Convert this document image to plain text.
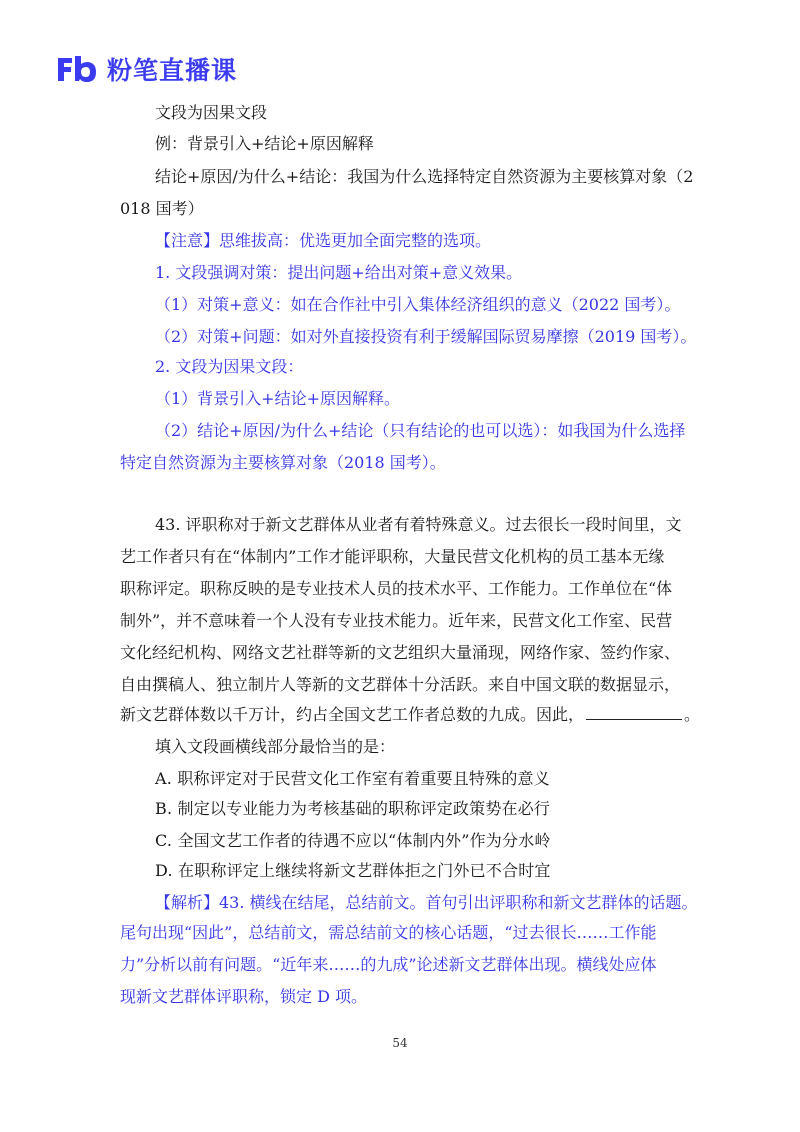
粉笔直播课
文段为因果文段
例：背景引入+结论+原因解释
结论+原因/为什么+结论：我国为什么选择特定自然资源为主要核算对象（2
018 国考）
【注意】思维拔高：优选更加全面完整的选项。
1. 文段强调对策：提出问题+给出对策+意义效果。
（1）对策+意义：如在合作社中引入集体经济组织的意义（2022 国考）。
（2）对策+问题：如对外直接投资有利于缓解国际贸易摩擦（2019 国考）。
2. 文段为因果文段：
（1）背景引入+结论+原因解释。
（2）结论+原因/为什么+结论（只有结论的也可以选）：如我国为什么选择
特定自然资源为主要核算对象（2018 国考）。
43. 评职称对于新文艺群体从业者有着特殊意义。过去很长一段时间里，文
艺工作者只有在“体制内”工作才能评职称，大量民营文化机构的员工基本无缘
职称评定。职称反映的是专业技术人员的技术水平、工作能力。工作单位在“体
制外”，并不意味着一个人没有专业技术能力。近年来，民营文化工作室、民营
文化经纪机构、网络文艺社群等新的文艺组织大量涌现，网络作家、签约作家、
自由撰稿人、独立制片人等新的文艺群体十分活跃。来自中国文联的数据显示，
新文艺群体数以千万计，约占全国文艺工作者总数的九成。因此，	。
填入文段画横线部分最恰当的是：
A. 职称评定对于民营文化工作室有着重要且特殊的意义
B. 制定以专业能力为考核基础的职称评定政策势在必行
C. 全国文艺工作者的待遇不应以“体制内外”作为分水岭
D. 在职称评定上继续将新文艺群体拒之门外已不合时宜
【解析】43. 横线在结尾，总结前文。首句引出评职称和新文艺群体的话题。
尾句出现“因此”，总结前文，需总结前文的核心话题，“过去很长……工作能
力”分析以前有问题。“近年来……的九成”论述新文艺群体出现。横线处应体
现新文艺群体评职称，锁定 D 项。
54
